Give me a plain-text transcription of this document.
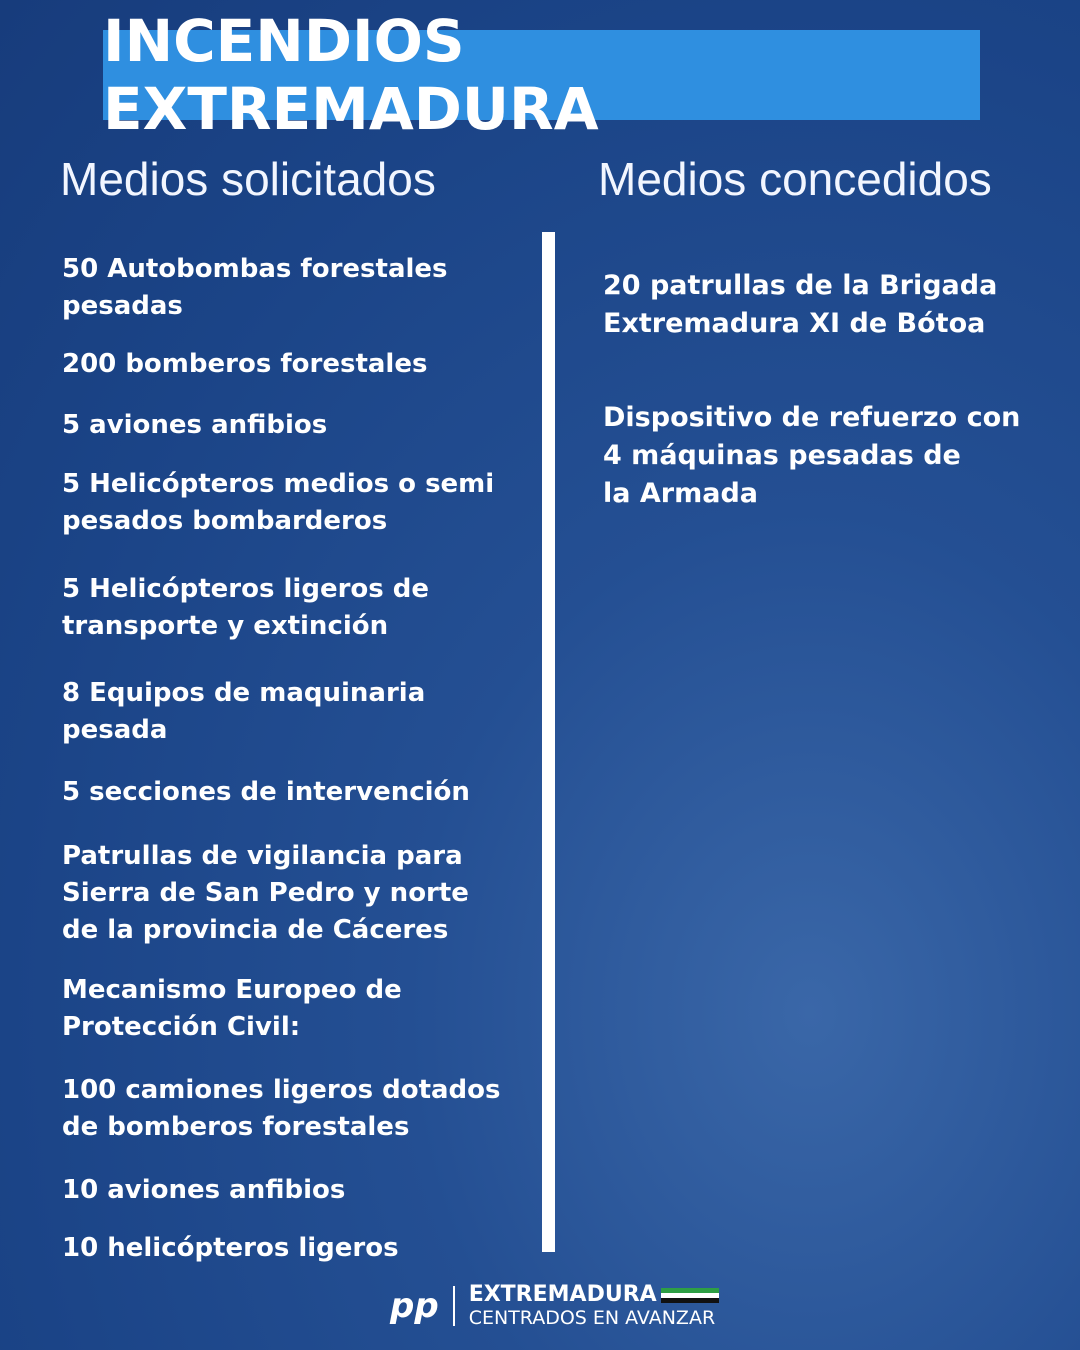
INCENDIOS EXTREMADURA
Medios solicitados	Medios concedidos
50 Autobombas forestales
pesadas
200 bomberos forestales
5 aviones anfibios
5 Helicópteros medios o semi
pesados bombarderos
5 Helicópteros ligeros de
transporte y extinción
8 Equipos de maquinaria
pesada
5 secciones de intervención
Patrullas de vigilancia para
Sierra de San Pedro y norte
de la provincia de Cáceres
Mecanismo Europeo de
Protección Civil:
100 camiones ligeros dotados
de bomberos forestales
10 aviones anfibios
10 helicópteros ligeros
20 patrullas de la Brigada
Extremadura XI de Bótoa
Dispositivo de refuerzo con
4 máquinas pesadas de
la Armada
pp EXTREMADURA
CENTRADOS EN AVANZAR
